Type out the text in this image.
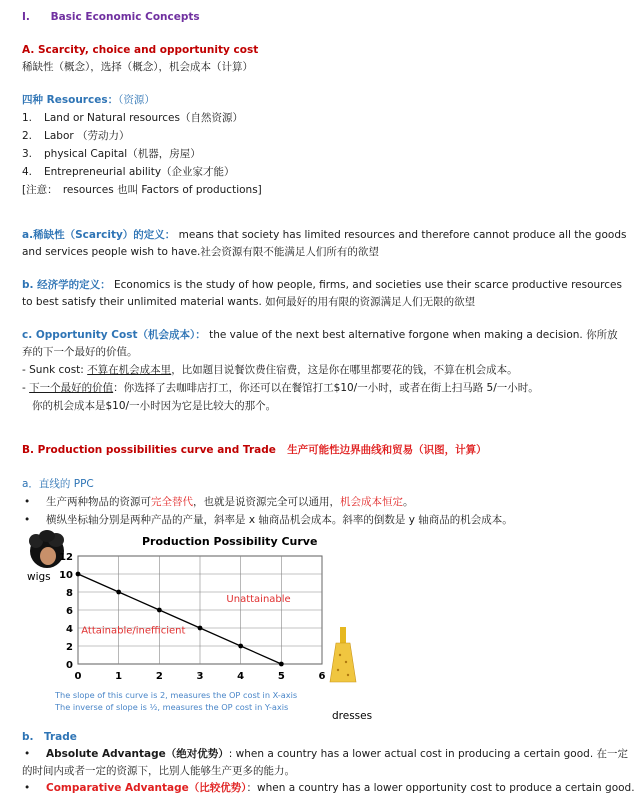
I. Basic Economic Concepts
A. Scarcity, choice and opportunity cost
稀缺性（概念），选择（概念），机会成本（计算）
四种 Resources：（资源）
1. Land or Natural resources（自然资源）
2. Labor （劳动力）
3. physical Capital（机器，房屋）
4. Entrepreneurial ability（企业家才能）
[注意：　resources 也叫 Factors of productions]
a.稀缺性（Scarcity）的定义： means that society has limited resources and therefore cannot produce all the goods
and services people wish to have.社会资源有限不能满足人们所有的欲望
b. 经济学的定义： Economics is the study of how people, firms, and societies use their scarce productive resources
to best satisfy their unlimited material wants. 如何最好的用有限的资源满足人们无限的欲望
c. Opportunity Cost（机会成本）： the value of the next best alternative forgone when making a decision. 你所放
弃的下一个最好的价值。
- Sunk cost: 不算在机会成本里，比如题目说餐饮费住宿费，这是你在哪里都要花的钱，不算在机会成本。
- 下一个最好的价值：你选择了去咖啡店打工，你还可以在餐馆打工$10/一小时，或者在街上扫马路 5/一小时。
你的机会成本是$10/一小时因为它是比较大的那个。
B. Production possibilities curve and Trade 生产可能性边界曲线和贸易（识图，计算）
a．直线的 PPC
• 生产两种物品的资源可完全替代，也就是说资源完全可以通用，机会成本恒定。
• 横纵坐标轴分别是两种产品的产量，斜率是 x 轴商品机会成本。斜率的倒数是 y 轴商品的机会成本。
Production Possibility Curve
wigs
dresses
0
2
4
6
8
10
12
0	1	2	3	4	5	6
Unattainable
Attainable/inefficient
The slope of this curve is 2, measures the OP cost in X-axis
The inverse of slope is ½, measures the OP cost in Y-axis
b. Trade
• Absolute Advantage（绝对优势）: when a country has a lower actual cost in producing a certain good. 在一定
的时间内或者一定的资源下，比别人能够生产更多的能力。
• Comparative Advantage（比较优势）：when a country has a lower opportunity cost to produce a certain good.
